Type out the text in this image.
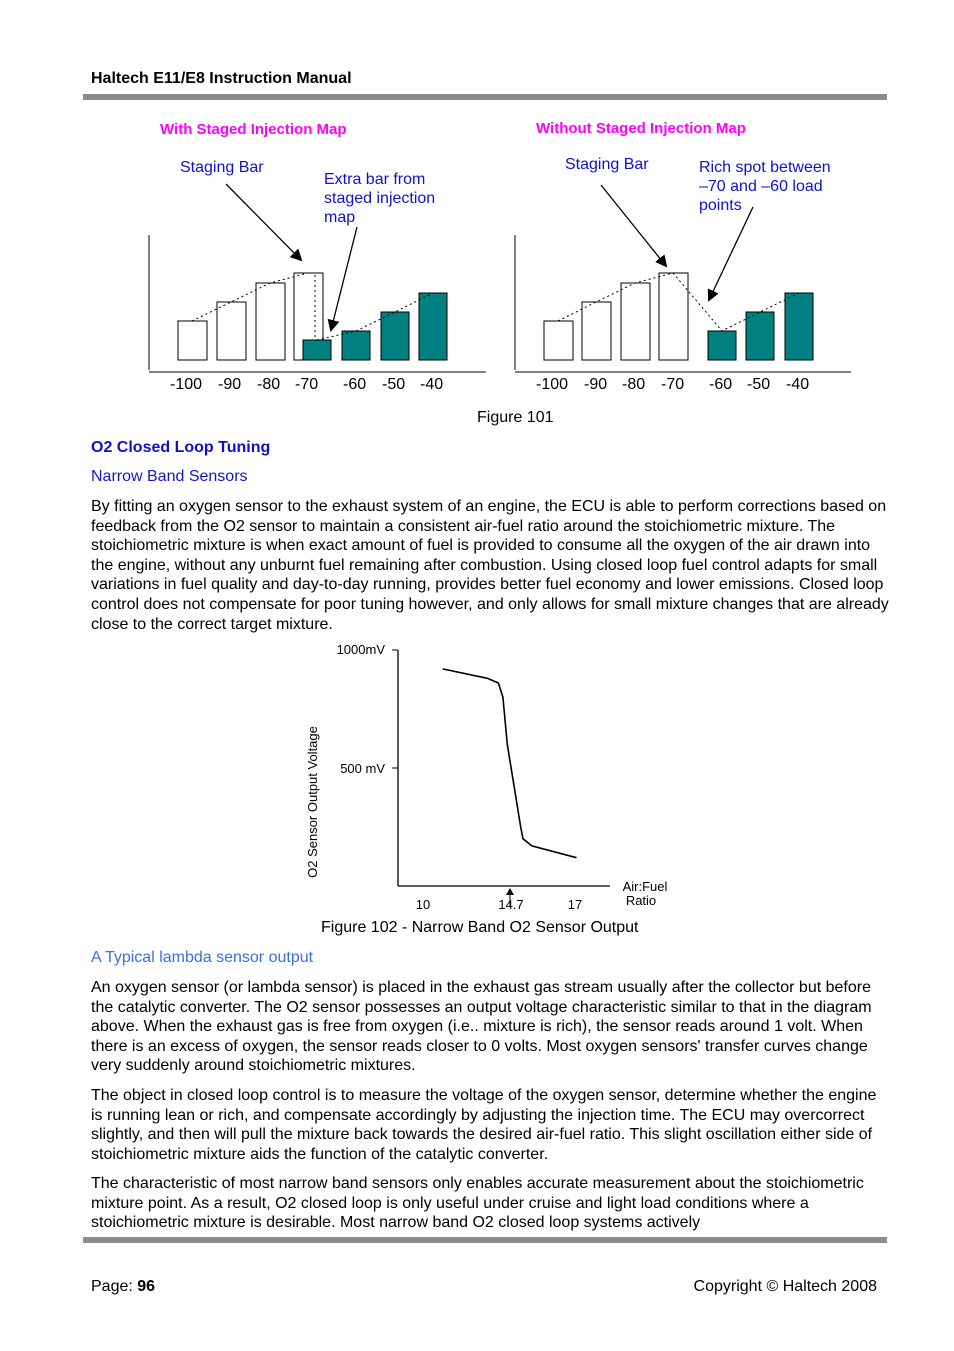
Haltech E11/E8 Instruction Manual
With Staged Injection Map	Without Staged Injection Map
Staging Bar
Extra bar from
staged injection
map
Staging Bar	Rich spot between
–70 and –60 load
points
-100 -90 -80 -70 -60 -50 -40	-100 -90 -80 -70 -60 -50 -40
Figure 101
O2 Closed Loop Tuning
Narrow Band Sensors

By fitting an oxygen sensor to the exhaust system of an engine, the ECU is able to perform corrections based on feedback from the O2 sensor to maintain a consistent air-fuel ratio around the stoichiometric mixture. The stoichiometric mixture is when exact amount of fuel is provided to consume all the oxygen of the air drawn into the engine, without any unburnt fuel remaining after combustion. Using closed loop fuel control adapts for small variations in fuel quality and day-to-day running, provides better fuel economy and lower emissions. Closed loop control does not compensate for poor tuning however, and only allows for small mixture changes that are already close to the correct target mixture.

O2 Sensor Output Voltage
1000mV
500 mV
10	14.7	17
Air:Fuel
Ratio
Figure 102 - Narrow Band O2 Sensor Output
A Typical lambda sensor output

An oxygen sensor (or lambda sensor) is placed in the exhaust gas stream usually after the collector but before the catalytic converter. The O2 sensor possesses an output voltage characteristic similar to that in the diagram above. When the exhaust gas is free from oxygen (i.e.. mixture is rich), the sensor reads around 1 volt. When there is an excess of oxygen, the sensor reads closer to 0 volts. Most oxygen sensors' transfer curves change very suddenly around stoichiometric mixtures.

The object in closed loop control is to measure the voltage of the oxygen sensor, determine whether the engine is running lean or rich, and compensate accordingly by adjusting the injection time. The ECU may overcorrect slightly, and then will pull the mixture back towards the desired air-fuel ratio. This slight oscillation either side of stoichiometric mixture aids the function of the catalytic converter.

The characteristic of most narrow band sensors only enables accurate measurement about the stoichiometric mixture point. As a result, O2 closed loop is only useful under cruise and light load conditions where a stoichiometric mixture is desirable. Most narrow band O2 closed loop systems actively

Page: 96	Copyright © Haltech 2008
